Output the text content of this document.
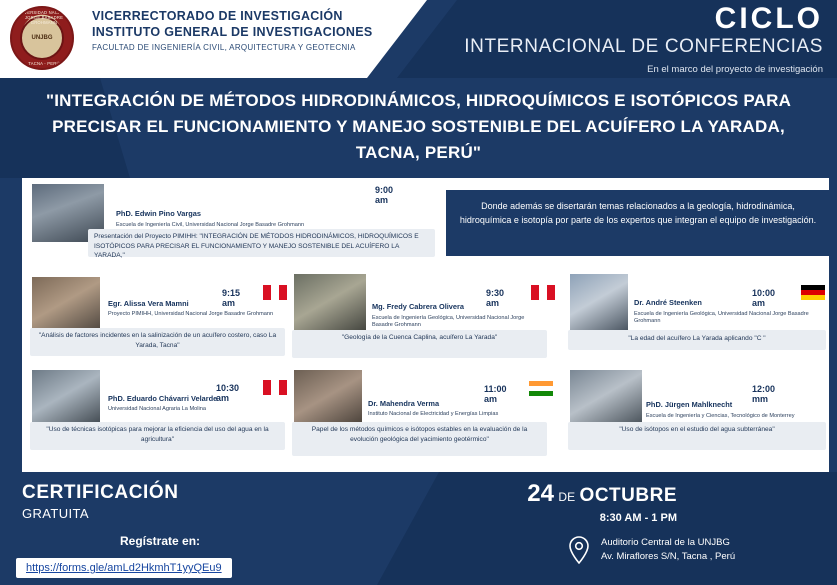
UNIVERSIDAD NACIONAL JORGE BASADRE GROHMANN
UNJBG
TACNA - PERÚ
VICERRECTORADO DE INVESTIGACIÓN
INSTITUTO GENERAL DE INVESTIGACIONES
FACULTAD DE INGENIERÍA CIVIL, ARQUITECTURA Y GEOTECNIA
CICLO
INTERNACIONAL DE CONFERENCIAS
En el marco del proyecto de investigación
"INTEGRACIÓN DE MÉTODOS HIDRODINÁMICOS, HIDROQUÍMICOS E ISOTÓPICOS PARA PRECISAR EL FUNCIONAMIENTO Y MANEJO SOSTENIBLE DEL ACUÍFERO LA YARADA, TACNA, PERÚ"
Donde además se disertarán temas relacionados a la geología, hidrodinámica, hidroquímica e isotopía por parte de los expertos que integran el equipo de investigación.
9:00 am
PhD. Edwin Pino Vargas
Escuela de Ingeniería Civil, Universidad Nacional Jorge Basadre Grohmann
Presentación del Proyecto PIMIHH: "INTEGRACIÓN DE MÉTODOS HIDRODINÁMICOS, HIDROQUÍMICOS E ISOTÓPICOS PARA PRECISAR EL FUNCIONAMIENTO Y MANEJO SOSTENIBLE DEL ACUÍFERO LA YARADA,"
9:15 am
Egr. Alissa Vera Mamni
Proyecto PIMIHH, Universidad Nacional Jorge Basadre Grohmann
"Análisis de factores incidentes en la salinización de un acuífero costero, caso La Yarada, Tacna"
9:30 am
Mg. Fredy Cabrera Olivera
Escuela de Ingeniería Geológica, Universidad Nacional Jorge Basadre Grohmann
"Geología de la Cuenca Caplina, acuífero La Yarada"
10:00 am
Dr. André Steenken
Escuela de Ingeniería Geológica, Universidad Nacional Jorge Basadre Grohmann
"La edad del acuífero La Yarada aplicando "C "
10:30 am
PhD. Eduardo Chávarri Velarde
Universidad Nacional Agraria La Molina
"Uso de técnicas isotópicas para mejorar la eficiencia del uso del agua en la agricultura"
11:00 am
Dr. Mahendra Verma
Instituto Nacional de Electricidad y Energías Limpias
Papel de los métodos químicos e isótopos estables en la evaluación de la evolución geológica del yacimiento geotérmico"
12:00 mm
PhD. Jürgen Mahlknecht
Escuela de Ingeniería y Ciencias, Tecnológico de Monterrey
"Uso de isótopos en el estudio del agua subterránea"
CERTIFICACIÓN
GRATUITA
Regístrate en:
https://forms.gle/amLd2HkmhT1yyQEu9
24 DE OCTUBRE
8:30 AM - 1 PM
Auditorio Central de la UNJBG
Av. Miraflores S/N, Tacna , Perú
